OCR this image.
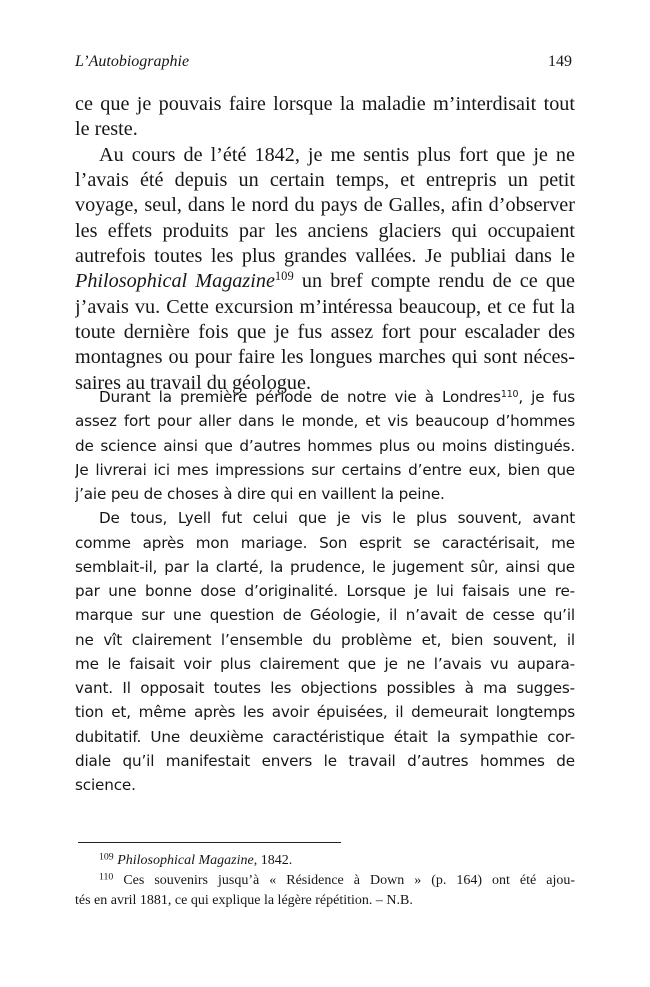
L’Autobiographie	149
ce que je pouvais faire lorsque la maladie m’interdisait tout
le reste.
Au cours de l’été 1842, je me sentis plus fort que je ne
l’avais été depuis un certain temps, et entrepris un petit
voyage, seul, dans le nord du pays de Galles, afin d’observer
les effets produits par les anciens glaciers qui occupaient
autrefois toutes les plus grandes vallées. Je publiai dans le
Philosophical Magazine$^{109}$ un bref compte rendu de ce que
j’avais vu. Cette excursion m’intéressa beaucoup, et ce fut la
toute dernière fois que je fus assez fort pour escalader des
montagnes ou pour faire les longues marches qui sont néces-
saires au travail du géologue.
Durant la première période de notre vie à Londres$^{110}$, je fus
assez fort pour aller dans le monde, et vis beaucoup d’hommes
de science ainsi que d’autres hommes plus ou moins distingués.
Je livrerai ici mes impressions sur certains d’entre eux, bien que
j’aie peu de choses à dire qui en vaillent la peine.
De tous, Lyell fut celui que je vis le plus souvent, avant
comme après mon mariage. Son esprit se caractérisait, me
semblait-il, par la clarté, la prudence, le jugement sûr, ainsi que
par une bonne dose d’originalité. Lorsque je lui faisais une re-
marque sur une question de Géologie, il n’avait de cesse qu’il
ne vît clairement l’ensemble du problème et, bien souvent, il
me le faisait voir plus clairement que je ne l’avais vu aupara-
vant. Il opposait toutes les objections possibles à ma sugges-
tion et, même après les avoir épuisées, il demeurait longtemps
dubitatif. Une deuxième caractéristique était la sympathie cor-
diale qu’il manifestait envers le travail d’autres hommes de
science.
$^{109}$ Philosophical Magazine, 1842.
$^{110}$ Ces souvenirs jusqu’à « Résidence à Down » (p. 164) ont été ajou-
tés en avril 1881, ce qui explique la légère répétition. – N.B.
